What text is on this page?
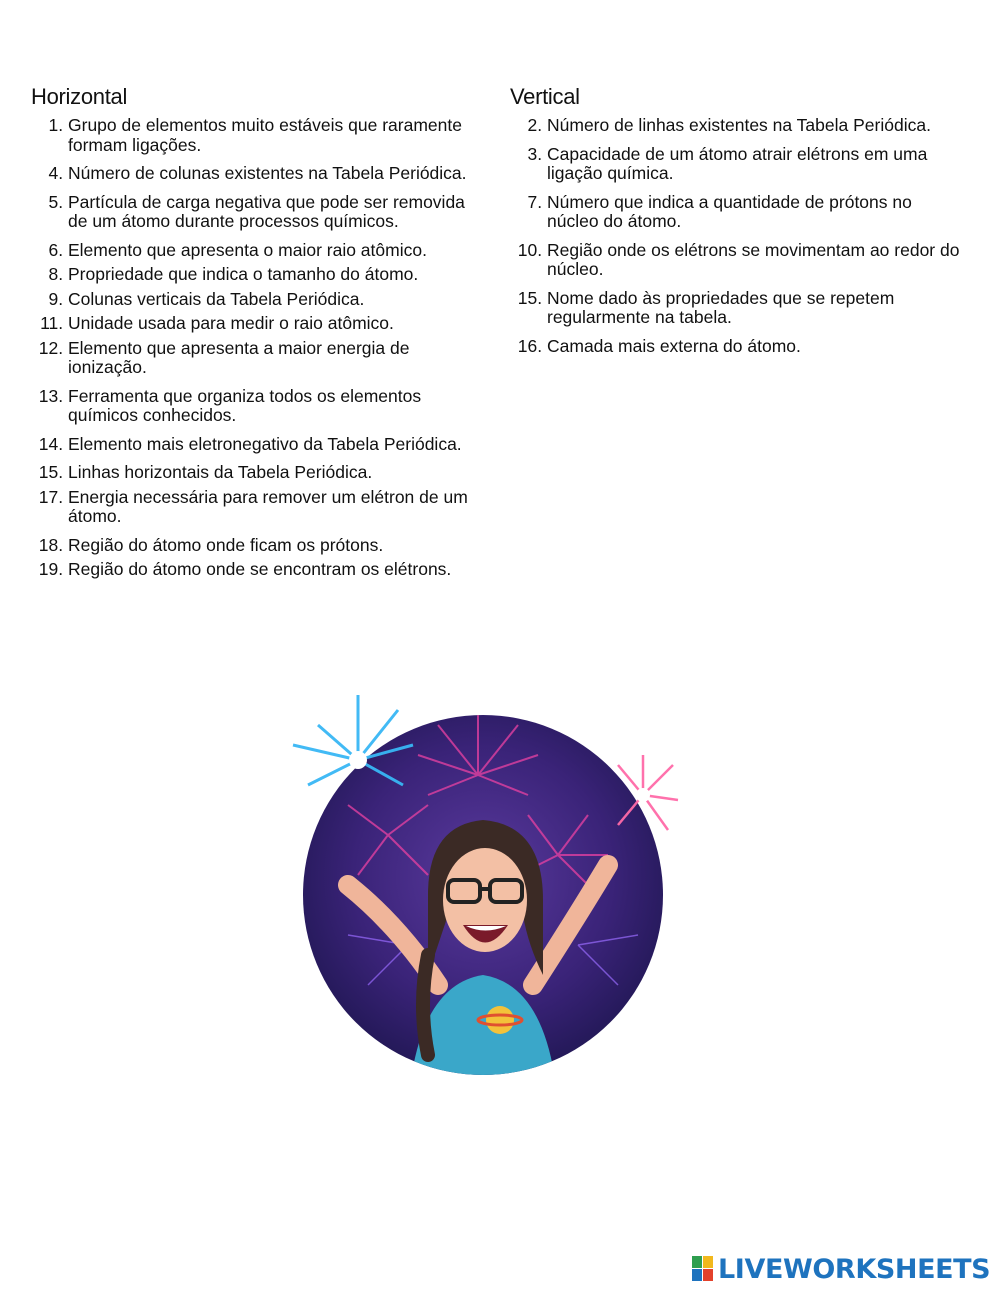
Horizontal
1. Grupo de elementos muito estáveis que raramente formam ligações.
4. Número de colunas existentes na Tabela Periódica.
5. Partícula de carga negativa que pode ser removida de um átomo durante processos químicos.
6. Elemento que apresenta o maior raio atômico.
8. Propriedade que indica o tamanho do átomo.
9. Colunas verticais da Tabela Periódica.
11. Unidade usada para medir o raio atômico.
12. Elemento que apresenta a maior energia de ionização.
13. Ferramenta que organiza todos os elementos químicos conhecidos.
14. Elemento mais eletronegativo da Tabela Periódica.
15. Linhas horizontais da Tabela Periódica.
17. Energia necessária para remover um elétron de um átomo.
18. Região do átomo onde ficam os prótons.
19. Região do átomo onde se encontram os elétrons.
Vertical
2. Número de linhas existentes na Tabela Periódica.
3. Capacidade de um átomo atrair elétrons em uma ligação química.
7. Número que indica a quantidade de prótons no núcleo do átomo.
10. Região onde os elétrons se movimentam ao redor do núcleo.
15. Nome dado às propriedades que se repetem regularmente na tabela.
16. Camada mais externa do átomo.
LIVEWORKSHEETS
